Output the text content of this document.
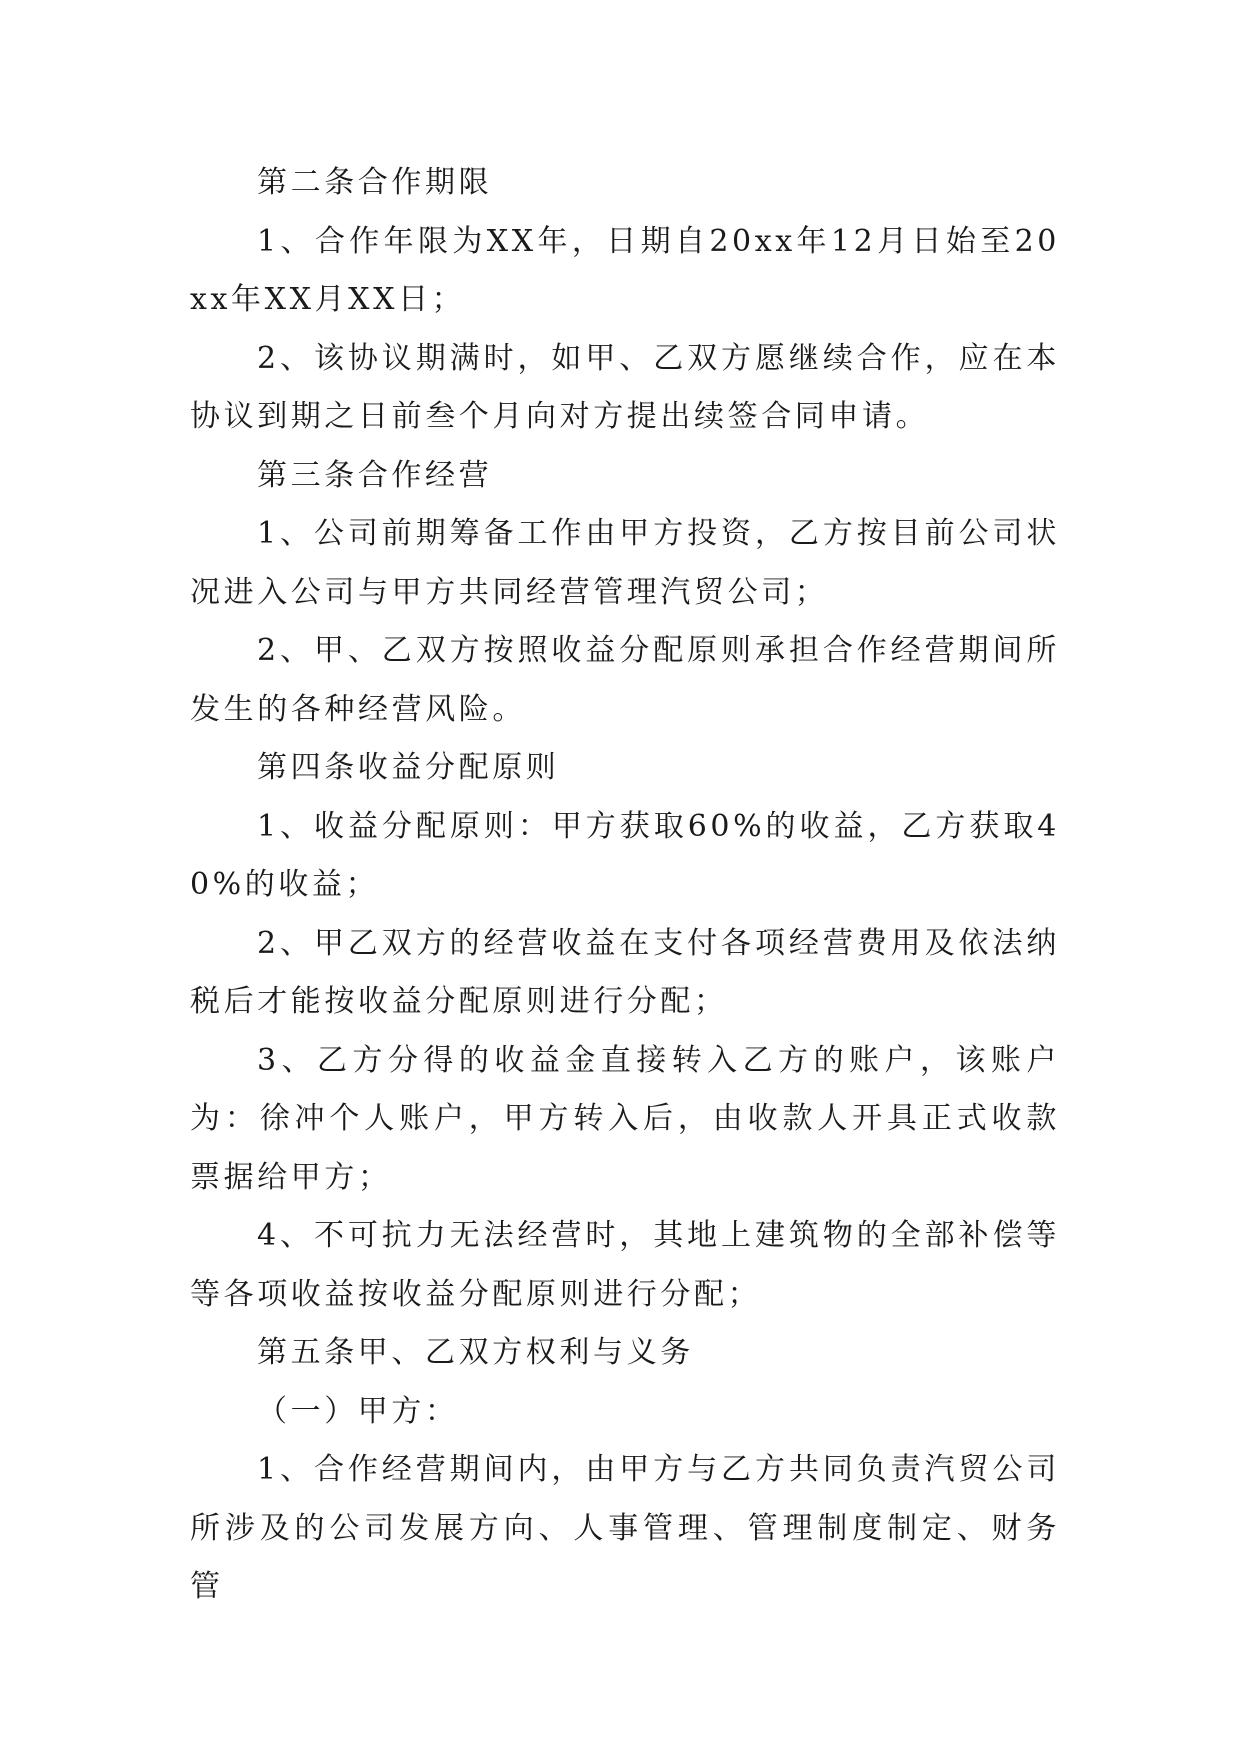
第二条合作期限

1、合作年限为XX年，日期自20xx年12月日始至20xx年XX月XX日；

2、该协议期满时，如甲、乙双方愿继续合作，应在本协议到期之日前叁个月向对方提出续签合同申请。

第三条合作经营

1、公司前期筹备工作由甲方投资，乙方按目前公司状况进入公司与甲方共同经营管理汽贸公司；

2、甲、乙双方按照收益分配原则承担合作经营期间所发生的各种经营风险。

第四条收益分配原则

1、收益分配原则：甲方获取60%的收益，乙方获取40%的收益；

2、甲乙双方的经营收益在支付各项经营费用及依法纳税后才能按收益分配原则进行分配；

3、乙方分得的收益金直接转入乙方的账户，该账户为：徐冲个人账户，甲方转入后，由收款人开具正式收款票据给甲方；

4、不可抗力无法经营时，其地上建筑物的全部补偿等等各项收益按收益分配原则进行分配；

第五条甲、乙双方权利与义务

（一）甲方：

1、合作经营期间内，由甲方与乙方共同负责汽贸公司所涉及的公司发展方向、人事管理、管理制度制定、财务管
